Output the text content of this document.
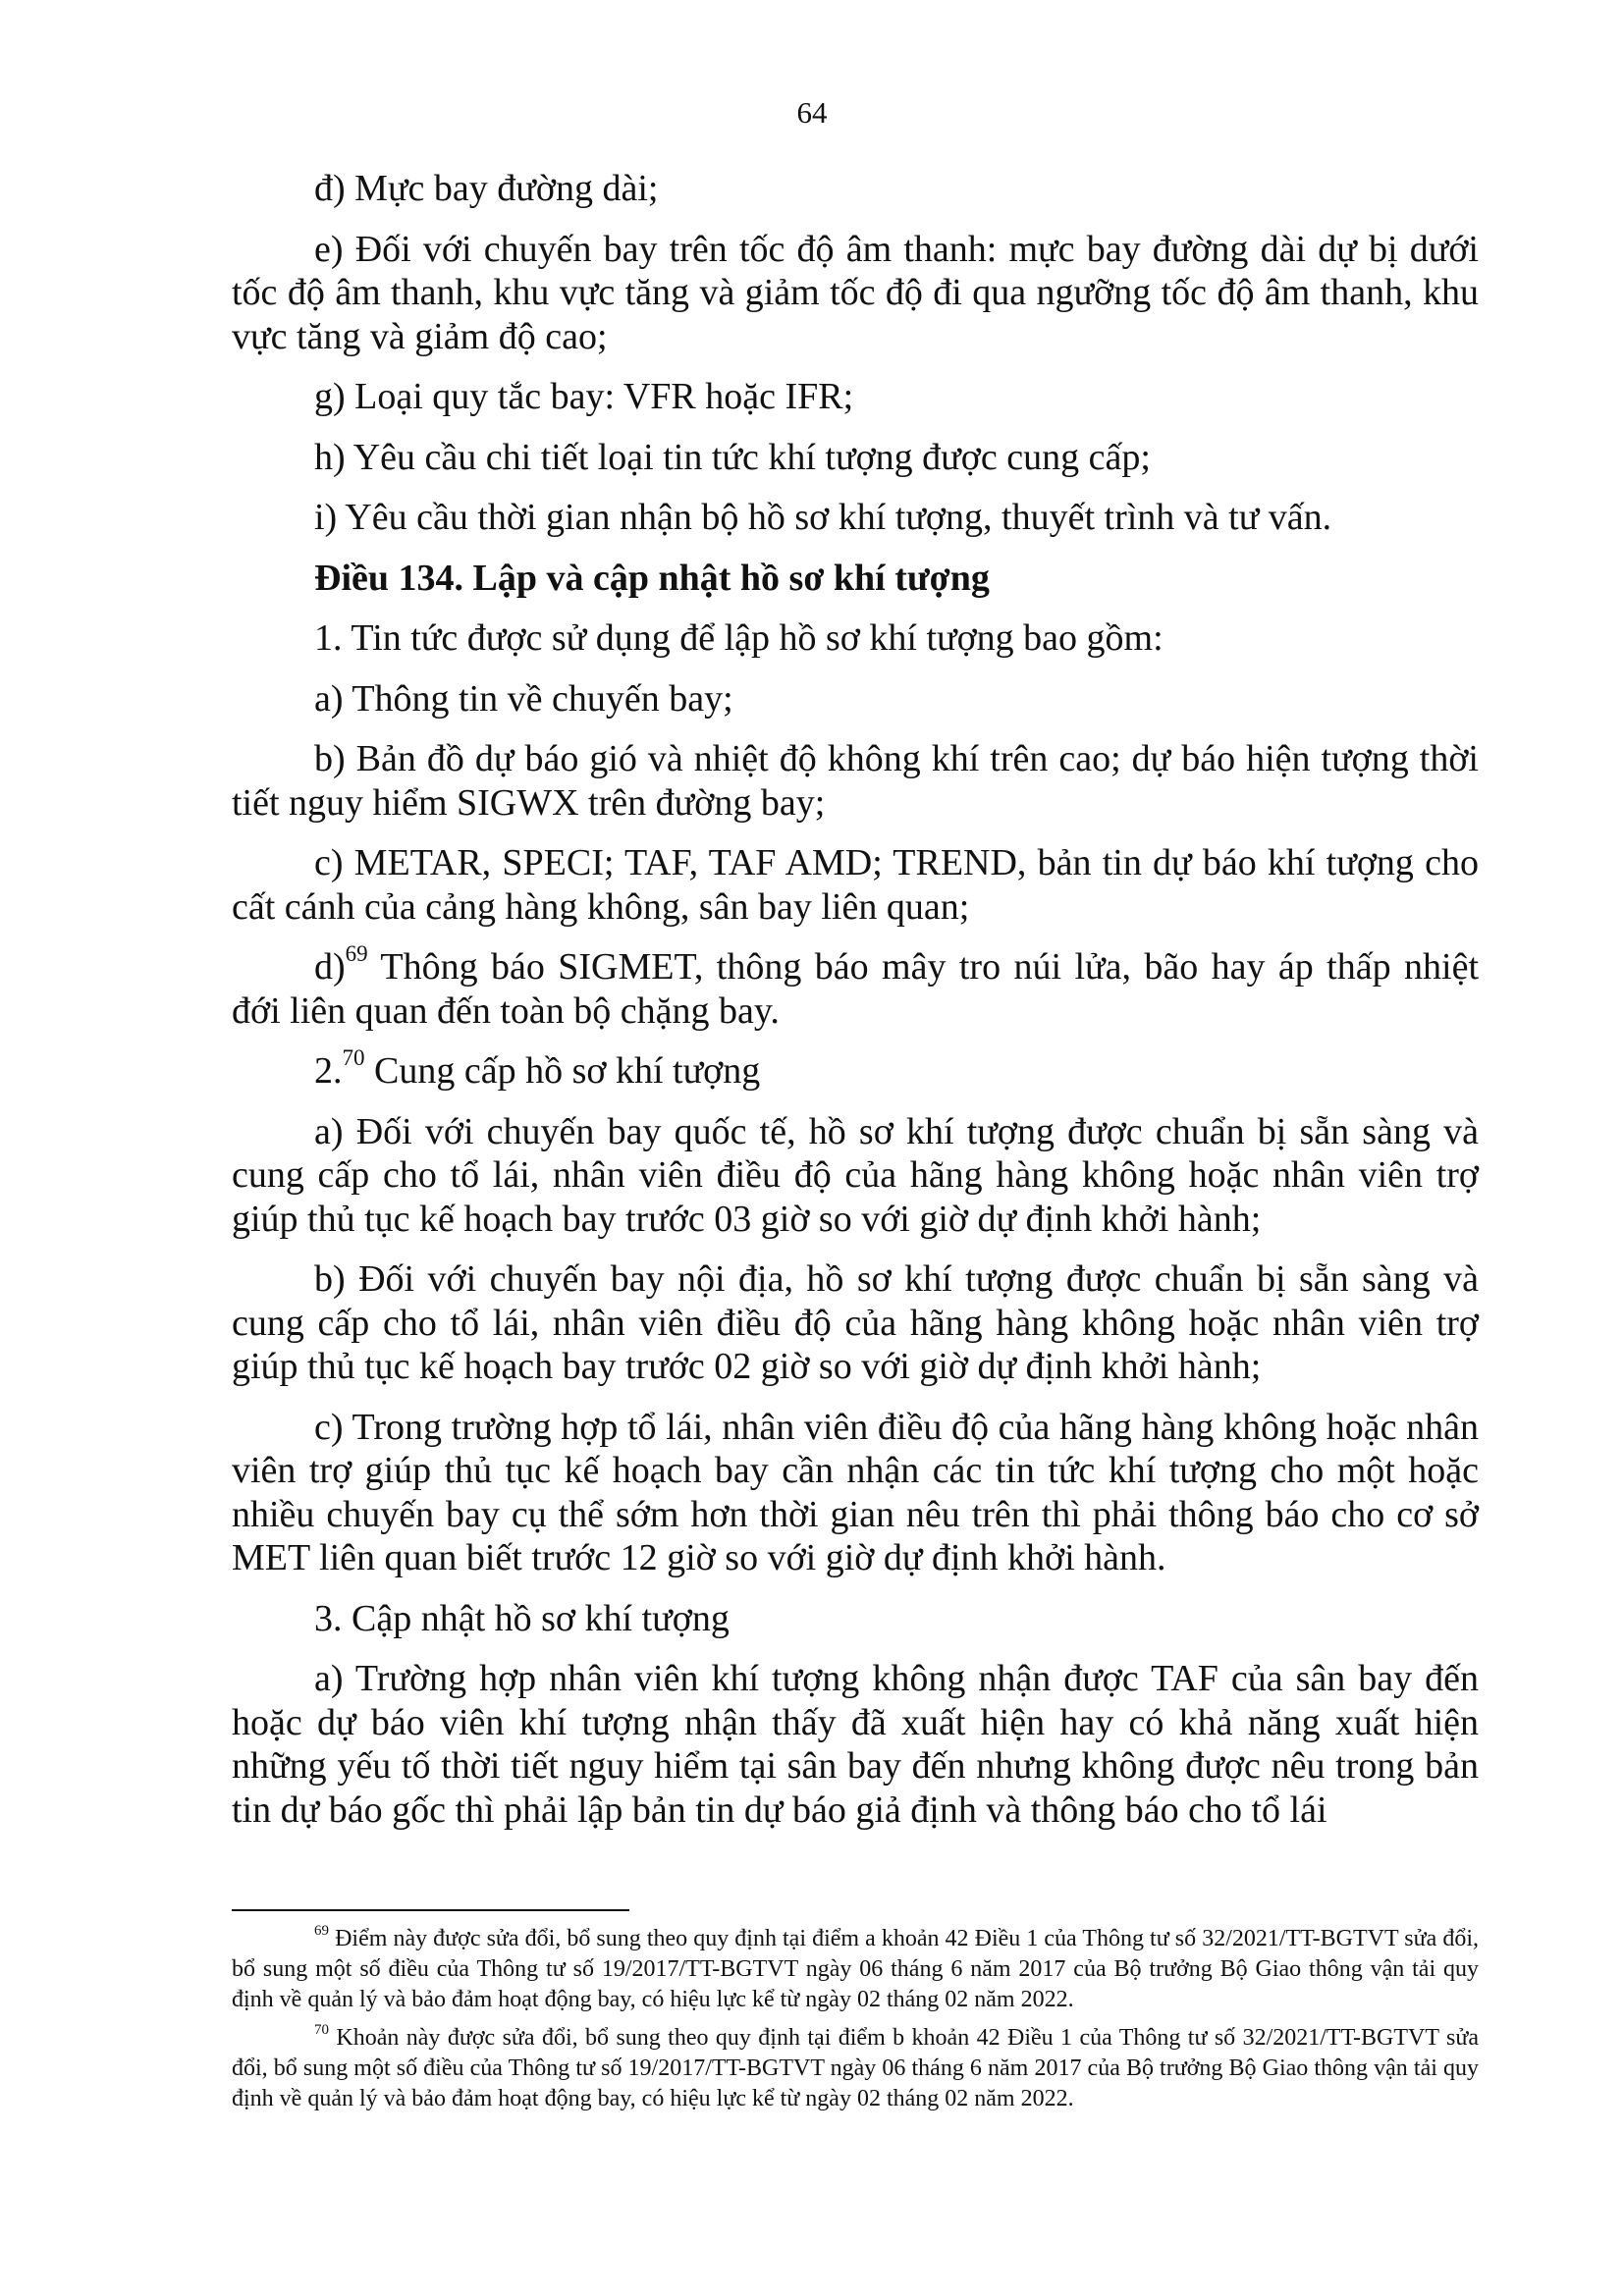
64

đ) Mực bay đường dài;

e) Đối với chuyến bay trên tốc độ âm thanh: mực bay đường dài dự bị dưới tốc độ âm thanh, khu vực tăng và giảm tốc độ đi qua ngưỡng tốc độ âm thanh, khu vực tăng và giảm độ cao;

g) Loại quy tắc bay: VFR hoặc IFR;

h) Yêu cầu chi tiết loại tin tức khí tượng được cung cấp;

i) Yêu cầu thời gian nhận bộ hồ sơ khí tượng, thuyết trình và tư vấn.

Điều 134. Lập và cập nhật hồ sơ khí tượng

1. Tin tức được sử dụng để lập hồ sơ khí tượng bao gồm:

a) Thông tin về chuyến bay;

b) Bản đồ dự báo gió và nhiệt độ không khí trên cao; dự báo hiện tượng thời tiết nguy hiểm SIGWX trên đường bay;

c) METAR, SPECI; TAF, TAF AMD; TREND, bản tin dự báo khí tượng cho cất cánh của cảng hàng không, sân bay liên quan;

d)$^{69}$ Thông báo SIGMET, thông báo mây tro núi lửa, bão hay áp thấp nhiệt đới liên quan đến toàn bộ chặng bay.

2.70 Cung cấp hồ sơ khí tượng

a) Đối với chuyến bay quốc tế, hồ sơ khí tượng được chuẩn bị sẵn sàng và cung cấp cho tổ lái, nhân viên điều độ của hãng hàng không hoặc nhân viên trợ giúp thủ tục kế hoạch bay trước 03 giờ so với giờ dự định khởi hành;

b) Đối với chuyến bay nội địa, hồ sơ khí tượng được chuẩn bị sẵn sàng và cung cấp cho tổ lái, nhân viên điều độ của hãng hàng không hoặc nhân viên trợ giúp thủ tục kế hoạch bay trước 02 giờ so với giờ dự định khởi hành;

c) Trong trường hợp tổ lái, nhân viên điều độ của hãng hàng không hoặc nhân viên trợ giúp thủ tục kế hoạch bay cần nhận các tin tức khí tượng cho một hoặc nhiều chuyến bay cụ thể sớm hơn thời gian nêu trên thì phải thông báo cho cơ sở MET liên quan biết trước 12 giờ so với giờ dự định khởi hành.

3. Cập nhật hồ sơ khí tượng

a) Trường hợp nhân viên khí tượng không nhận được TAF của sân bay đến hoặc dự báo viên khí tượng nhận thấy đã xuất hiện hay có khả năng xuất hiện những yếu tố thời tiết nguy hiểm tại sân bay đến nhưng không được nêu trong bản tin dự báo gốc thì phải lập bản tin dự báo giả định và thông báo cho tổ lái

$^{69}$ Điểm này được sửa đổi, bổ sung theo quy định tại điểm a khoản 42 Điều 1 của Thông tư số 32/2021/TT-BGTVT sửa đổi, bổ sung một số điều của Thông tư số 19/2017/TT-BGTVT ngày 06 tháng 6 năm 2017 của Bộ trưởng Bộ Giao thông vận tải quy định về quản lý và bảo đảm hoạt động bay, có hiệu lực kể từ ngày 02 tháng 02 năm 2022.

$^{70}$ Khoản này được sửa đổi, bổ sung theo quy định tại điểm b khoản 42 Điều 1 của Thông tư số 32/2021/TT-BGTVT sửa đổi, bổ sung một số điều của Thông tư số 19/2017/TT-BGTVT ngày 06 tháng 6 năm 2017 của Bộ trưởng Bộ Giao thông vận tải quy định về quản lý và bảo đảm hoạt động bay, có hiệu lực kể từ ngày 02 tháng 02 năm 2022.
